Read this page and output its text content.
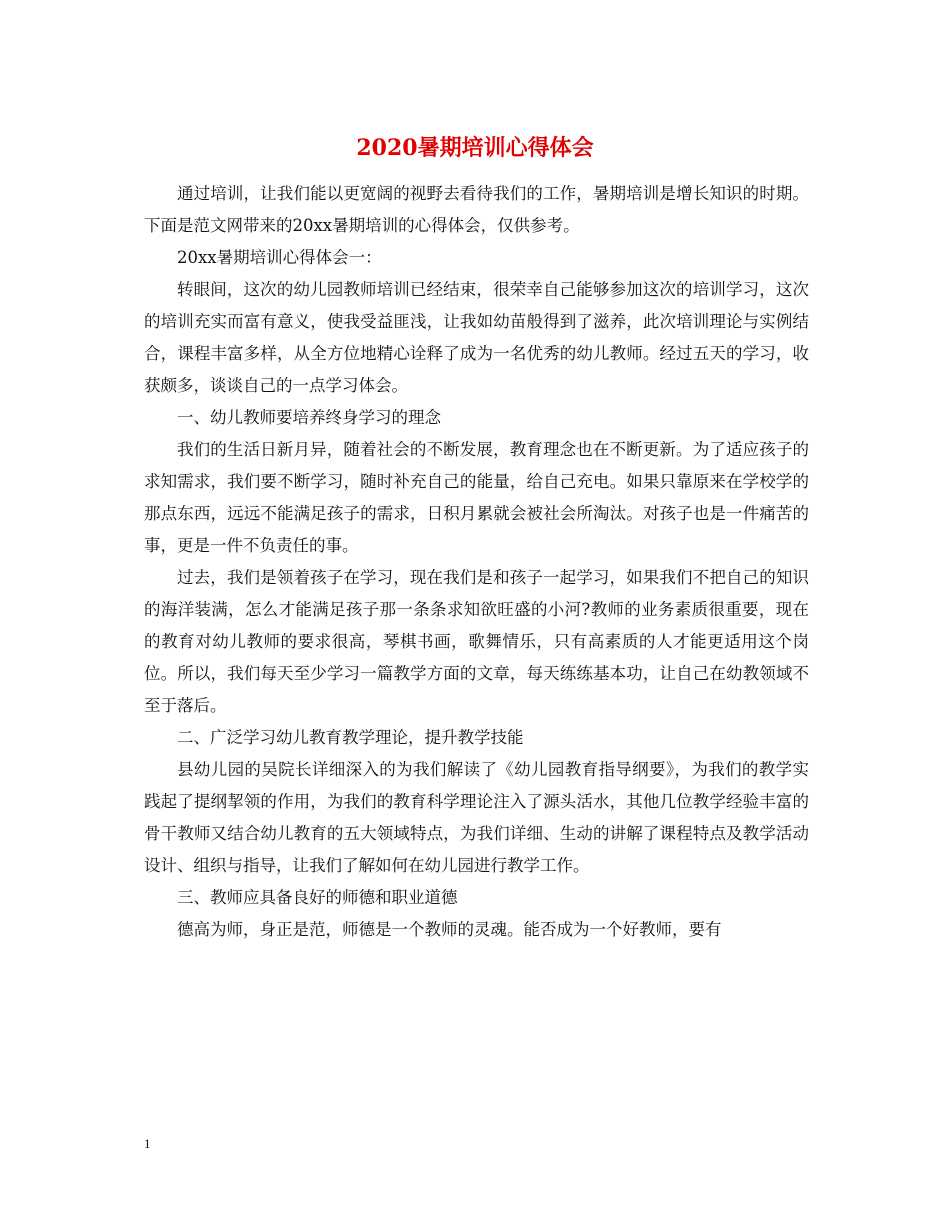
2020暑期培训心得体会

通过培训，让我们能以更宽阔的视野去看待我们的工作，暑期培训是增长知识的时期。下面是范文网带来的20xx暑期培训的心得体会，仅供参考。

20xx暑期培训心得体会一：

转眼间，这次的幼儿园教师培训已经结束，很荣幸自己能够参加这次的培训学习，这次的培训充实而富有意义，使我受益匪浅，让我如幼苗般得到了滋养，此次培训理论与实例结合，课程丰富多样，从全方位地精心诠释了成为一名优秀的幼儿教师。经过五天的学习，收获颇多，谈谈自己的一点学习体会。

一、幼儿教师要培养终身学习的理念

我们的生活日新月异，随着社会的不断发展，教育理念也在不断更新。为了适应孩子的求知需求，我们要不断学习，随时补充自己的能量，给自己充电。如果只靠原来在学校学的那点东西，远远不能满足孩子的需求，日积月累就会被社会所淘汰。对孩子也是一件痛苦的事，更是一件不负责任的事。

过去，我们是领着孩子在学习，现在我们是和孩子一起学习，如果我们不把自己的知识的海洋装满，怎么才能满足孩子那一条条求知欲旺盛的小河?教师的业务素质很重要，现在的教育对幼儿教师的要求很高，琴棋书画，歌舞情乐，只有高素质的人才能更适用这个岗位。所以，我们每天至少学习一篇教学方面的文章，每天练练基本功，让自己在幼教领域不至于落后。

二、广泛学习幼儿教育教学理论，提升教学技能

县幼儿园的吴院长详细深入的为我们解读了《幼儿园教育指导纲要》，为我们的教学实践起了提纲挈领的作用，为我们的教育科学理论注入了源头活水，其他几位教学经验丰富的骨干教师又结合幼儿教育的五大领域特点，为我们详细、生动的讲解了课程特点及教学活动设计、组织与指导，让我们了解如何在幼儿园进行教学工作。

三、教师应具备良好的师德和职业道德

德高为师，身正是范，师德是一个教师的灵魂。能否成为一个好教师，要有

1
